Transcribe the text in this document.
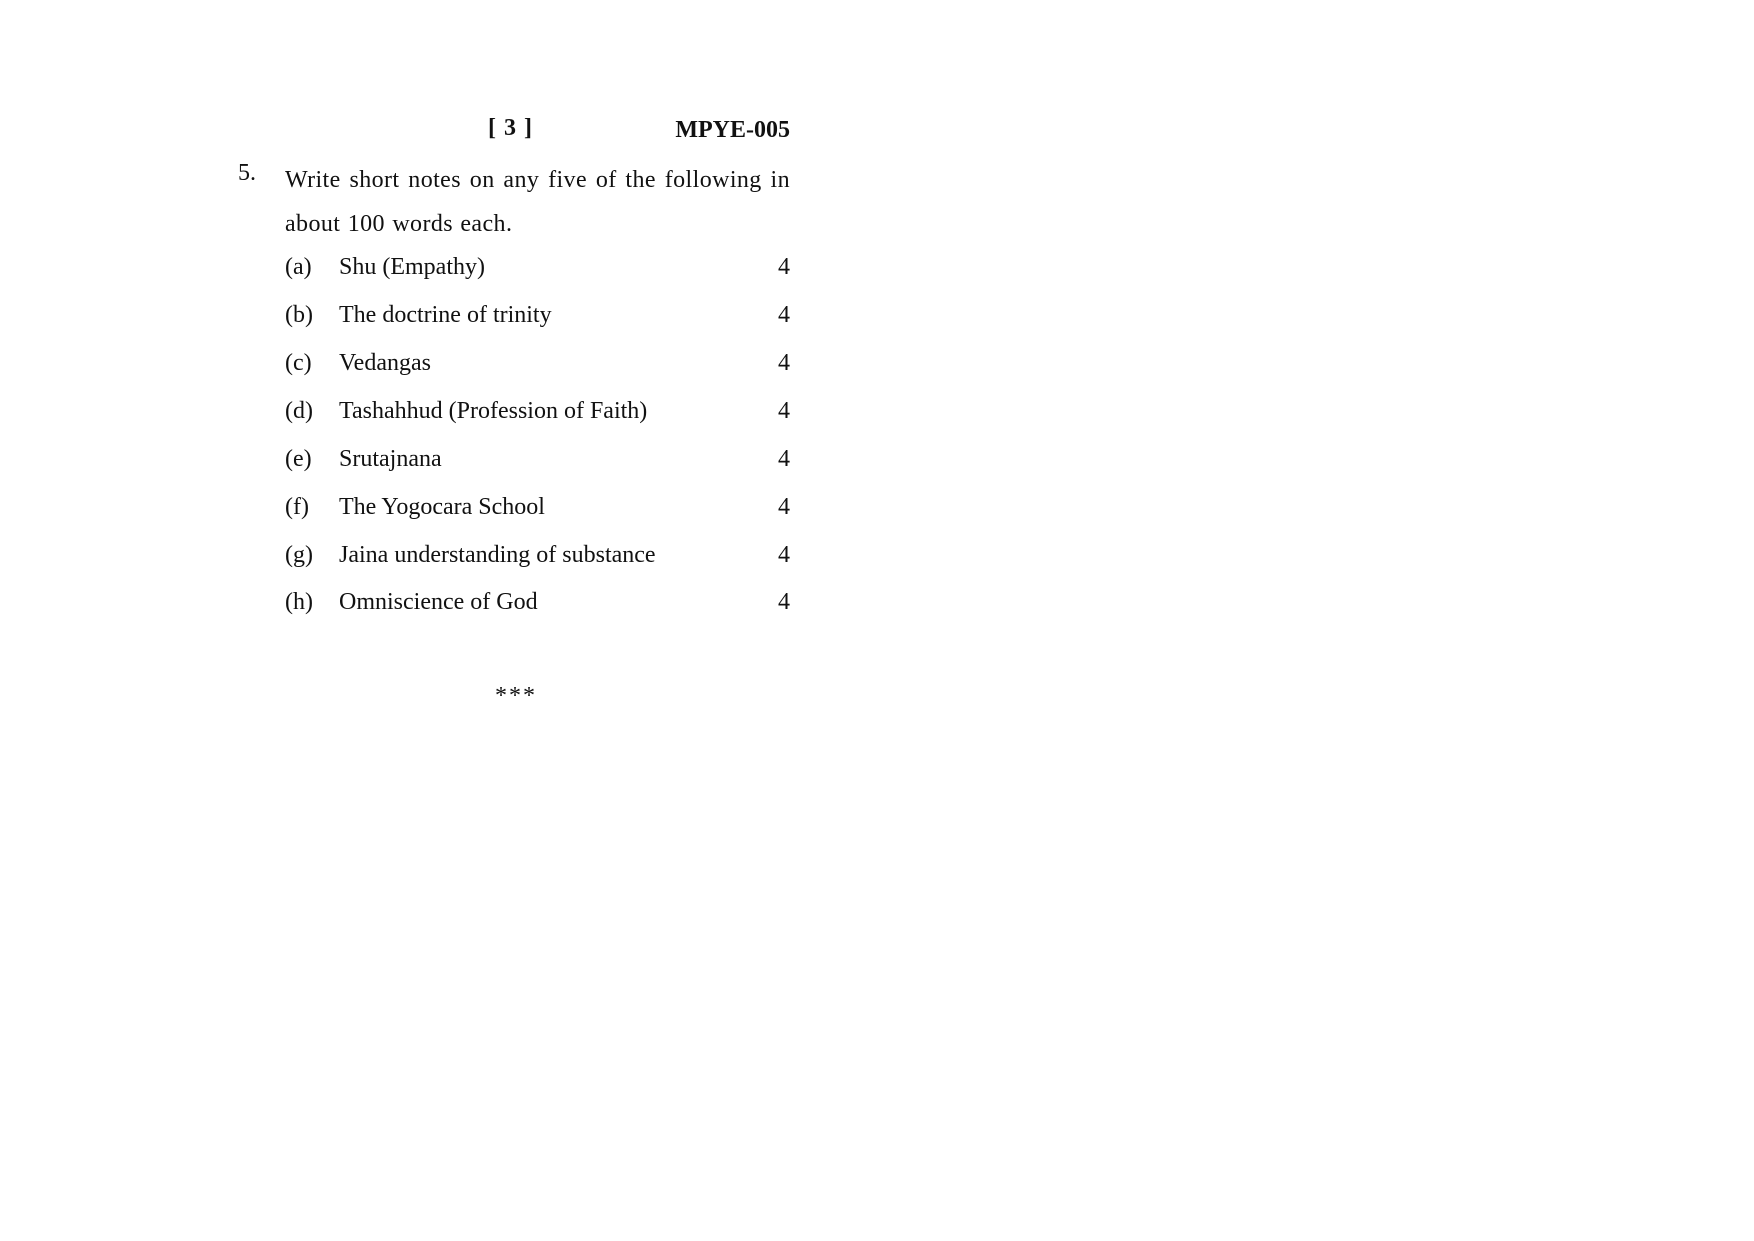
[ 3 ]	MPYE-005
5. Write short notes on any five of the following in about 100 words each.
(a) Shu (Empathy)	4
(b) The doctrine of trinity	4
(c) Vedangas	4
(d) Tashahhud (Profession of Faith)	4
(e) Srutajnana	4
(f) The Yogocara School	4
(g) Jaina understanding of substance	4
(h) Omniscience of God	4
***
